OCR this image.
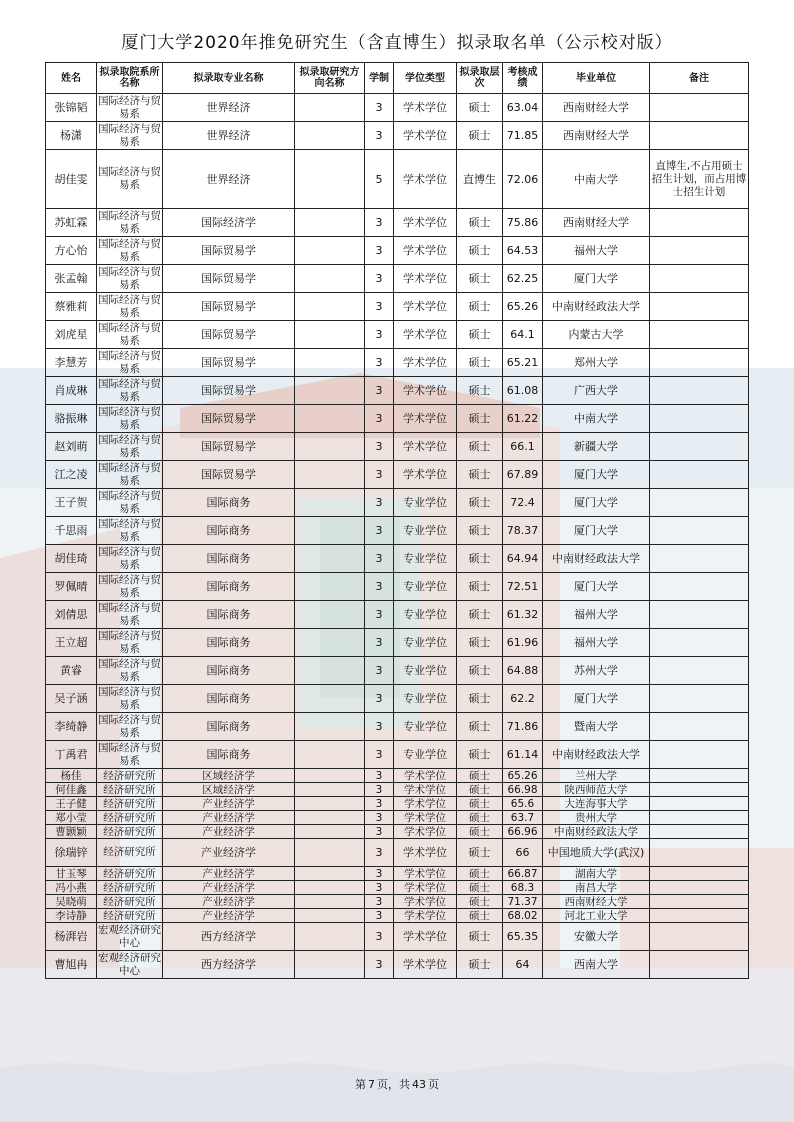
厦门大学2020年推免研究生（含直博生）拟录取名单（公示校对版）
姓名	拟录取院系所名称	拟录取专业名称	拟录取研究方向名称	学制	学位类型	拟录取层次	考核成绩	毕业单位	备注
张锦韬	国际经济与贸易系	世界经济		3	学术学位	硕士	63.04	西南财经大学	
杨潇	国际经济与贸易系	世界经济		3	学术学位	硕士	71.85	西南财经大学	
胡佳雯	国际经济与贸易系	世界经济		5	学术学位	直博生	72.06	中南大学	直博生,不占用硕士招生计划，而占用博士招生计划
苏虹霖	国际经济与贸易系	国际经济学		3	学术学位	硕士	75.86	西南财经大学	
方心怡	国际经济与贸易系	国际贸易学		3	学术学位	硕士	64.53	福州大学	
张孟翰	国际经济与贸易系	国际贸易学		3	学术学位	硕士	62.25	厦门大学	
蔡雅莉	国际经济与贸易系	国际贸易学		3	学术学位	硕士	65.26	中南财经政法大学	
刘虎星	国际经济与贸易系	国际贸易学		3	学术学位	硕士	64.1	内蒙古大学	
李慧芳	国际经济与贸易系	国际贸易学		3	学术学位	硕士	65.21	郑州大学	
肖成琳	国际经济与贸易系	国际贸易学		3	学术学位	硕士	61.08	广西大学	
骆振琳	国际经济与贸易系	国际贸易学		3	学术学位	硕士	61.22	中南大学	
赵刘萌	国际经济与贸易系	国际贸易学		3	学术学位	硕士	66.1	新疆大学	
江之凌	国际经济与贸易系	国际贸易学		3	学术学位	硕士	67.89	厦门大学	
王子贺	国际经济与贸易系	国际商务		3	专业学位	硕士	72.4	厦门大学	
千思雨	国际经济与贸易系	国际商务		3	专业学位	硕士	78.37	厦门大学	
胡佳琦	国际经济与贸易系	国际商务		3	专业学位	硕士	64.94	中南财经政法大学	
罗佩晴	国际经济与贸易系	国际商务		3	专业学位	硕士	72.51	厦门大学	
刘倩思	国际经济与贸易系	国际商务		3	专业学位	硕士	61.32	福州大学	
王立超	国际经济与贸易系	国际商务		3	专业学位	硕士	61.96	福州大学	
黄睿	国际经济与贸易系	国际商务		3	专业学位	硕士	64.88	苏州大学	
吴子涵	国际经济与贸易系	国际商务		3	专业学位	硕士	62.2	厦门大学	
李绮静	国际经济与贸易系	国际商务		3	专业学位	硕士	71.86	暨南大学	
丁禹君	国际经济与贸易系	国际商务		3	专业学位	硕士	61.14	中南财经政法大学	
杨佳	经济研究所	区域经济学		3	学术学位	硕士	65.26	兰州大学	
何佳鑫	经济研究所	区域经济学		3	学术学位	硕士	66.98	陕西师范大学	
王子健	经济研究所	产业经济学		3	学术学位	硕士	65.6	大连海事大学	
郑小莹	经济研究所	产业经济学		3	学术学位	硕士	63.7	贵州大学	
曹颢颖	经济研究所	产业经济学		3	学术学位	硕士	66.96	中南财经政法大学	
徐瑞锌	经济研究所	产业经济学		3	学术学位	硕士	66	中国地质大学(武汉)	
甘玉琴	经济研究所	产业经济学		3	学术学位	硕士	66.87	湖南大学	
冯小燕	经济研究所	产业经济学		3	学术学位	硕士	68.3	南昌大学	
吴晓萌	经济研究所	产业经济学		3	学术学位	硕士	71.37	西南财经大学	
李诗静	经济研究所	产业经济学		3	学术学位	硕士	68.02	河北工业大学	
杨湃岩	宏观经济研究中心	西方经济学		3	学术学位	硕士	65.35	安徽大学	
曹旭冉	宏观经济研究中心	西方经济学		3	学术学位	硕士	64	西南大学	
第 7 页，共 43 页
